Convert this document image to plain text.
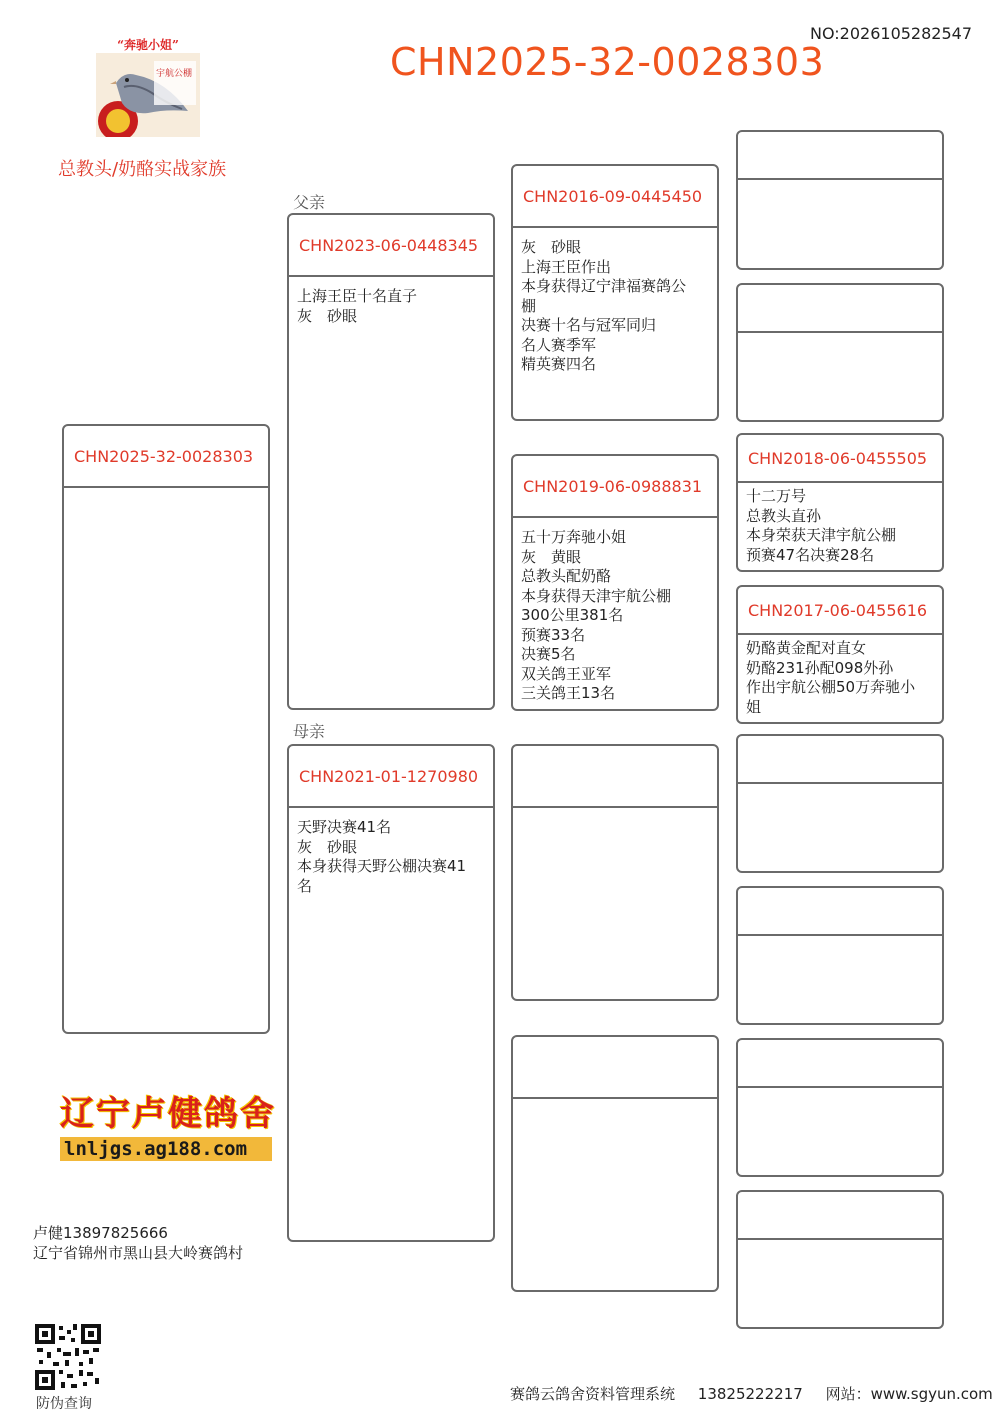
NO:2026105282547
CHN2025-32-0028303
“奔驰小姐”
宇航公棚
总教头/奶酪实战家族
父亲
母亲
CHN2025-32-0028303
CHN2023-06-0448345
上海王臣十名直子
灰　砂眼
CHN2021-01-1270980
天野决赛41名
灰　砂眼
本身获得天野公棚决赛41
名
CHN2016-09-0445450
灰　砂眼
上海王臣作出
本身获得辽宁津福赛鸽公
棚
决赛十名与冠军同归
名人赛季军
精英赛四名
CHN2019-06-0988831
五十万奔驰小姐
灰　黄眼
总教头配奶酪
本身获得天津宇航公棚
300公里381名
预赛33名
决赛5名
双关鸽王亚军
三关鸽王13名
CHN2018-06-0455505
十二万号
总教头直孙
本身荣获天津宇航公棚
预赛47名决赛28名
CHN2017-06-0455616
奶酪黄金配对直女
奶酪231孙配098外孙
作出宇航公棚50万奔驰小
姐
辽宁卢健鸽舍
lnljgs.ag188.com
卢健13897825666
辽宁省锦州市黑山县大岭赛鸽村
防伪查询
赛鸽云鸽舍资料管理系统 13825222217 网站：www.sgyun.com
